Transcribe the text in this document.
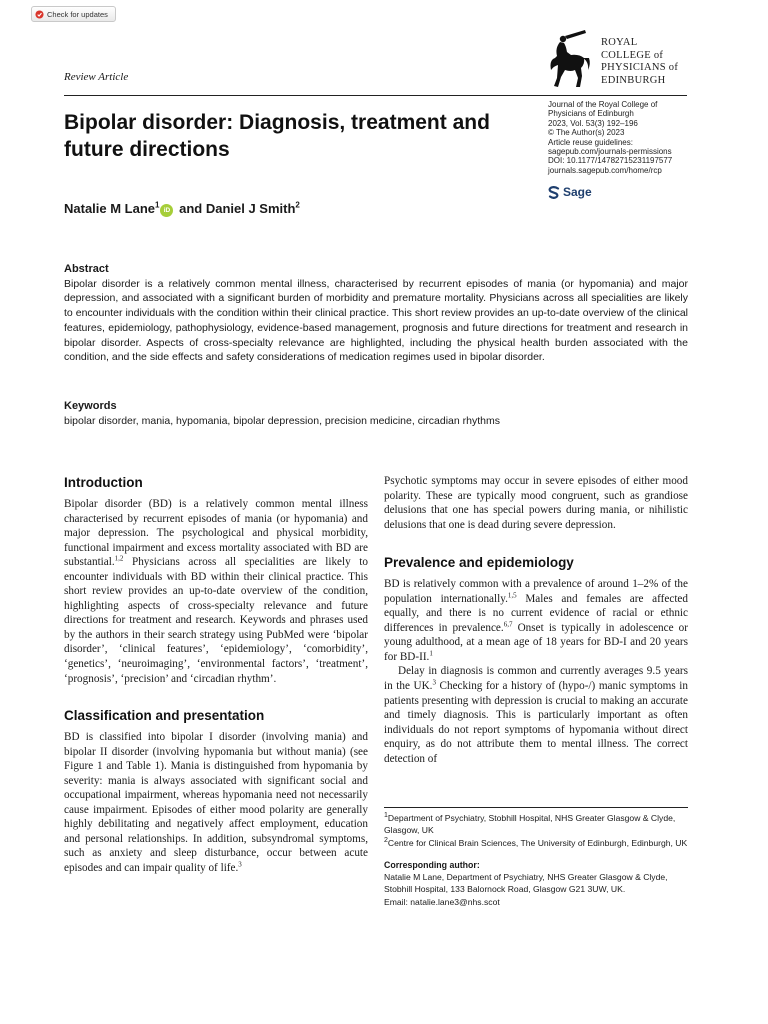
Check for updates
Review Article
Bipolar disorder: Diagnosis, treatment and future directions
Natalie M Lane$^1$iD and Daniel J Smith$^2$
ROYAL
COLLEGE of
PHYSICIANS of
EDINBURGH
Journal of the Royal College of
Physicians of Edinburgh
2023, Vol. 53(3) 192–196
© The Author(s) 2023
Article reuse guidelines:
sagepub.com/journals-permissions
DOI: 10.1177/14782715231197577
journals.sagepub.com/home/rcp
Sage
Abstract
Bipolar disorder is a relatively common mental illness, characterised by recurrent episodes of mania (or hypomania) and major depression, and associated with a significant burden of morbidity and premature mortality. Physicians across all specialities are likely to encounter individuals with the condition within their clinical practice. This short review provides an up-to-date overview of the clinical features, epidemiology, pathophysiology, evidence-based management, prognosis and future directions for treatment and research in bipolar disorder. Aspects of cross-specialty relevance are highlighted, including the physical health burden associated with the condition, and the side effects and safety considerations of medication regimes used in bipolar disorder.
Keywords
bipolar disorder, mania, hypomania, bipolar depression, precision medicine, circadian rhythms
Introduction

Bipolar disorder (BD) is a relatively common mental illness characterised by recurrent episodes of mania (or hypomania) and major depression. The psychological and physical morbidity, functional impairment and excess mortality associated with BD are substantial.$^{1,2}$ Physicians across all specialities are likely to encounter individuals with BD within their clinical practice. This short review provides an up-to-date overview of the condition, highlighting aspects of cross-specialty relevance and future directions for treatment and research. Keywords and phrases used by the authors in their search strategy using PubMed were ‘bipolar disorder’, ‘clinical features’, ‘epidemiology’, ‘comorbidity’, ‘genetics’, ‘neuroimaging’, ‘environmental factors’, ‘treatment’, ‘prognosis’, ‘precision’ and ‘circadian rhythm’.

Classification and presentation

BD is classified into bipolar I disorder (involving mania) and bipolar II disorder (involving hypomania but without mania) (see Figure 1 and Table 1). Mania is distinguished from hypomania by severity: mania is always associated with significant social and occupational impairment, whereas hypomania need not necessarily cause impairment. Episodes of either mood polarity are generally highly debilitating and negatively affect employment, education and personal relationships. In addition, subsyndromal symptoms, such as anxiety and sleep disturbance, occur between acute episodes and can impair quality of life.$^3$

Psychotic symptoms may occur in severe episodes of either mood polarity. These are typically mood congruent, such as grandiose delusions that one has special powers during mania, or nihilistic delusions that one is dead during severe depression.

Prevalence and epidemiology

BD is relatively common with a prevalence of around 1–2% of the population internationally.$^{1,5}$ Males and females are affected equally, and there is no current evidence of racial or ethnic differences in prevalence.$^{6,7}$ Onset is typically in adolescence or young adulthood, at a mean age of 18 years for BD-I and 20 years for BD-II.$^1$

Delay in diagnosis is common and currently averages 9.5 years in the UK.$^3$ Checking for a history of (hypo-/) manic symptoms in patients presenting with depression is crucial to making an accurate and timely diagnosis. This is particularly important as often individuals do not report symptoms of hypomania without direct enquiry, as do not attribute them to mental illness. The correct detection of

$^1$Department of Psychiatry, Stobhill Hospital, NHS Greater Glasgow & Clyde, Glasgow, UK

$^2$Centre for Clinical Brain Sciences, The University of Edinburgh, Edinburgh, UK

Corresponding author:

Natalie M Lane, Department of Psychiatry, NHS Greater Glasgow & Clyde, Stobhill Hospital, 133 Balornock Road, Glasgow G21 3UW, UK.

Email: natalie.lane3@nhs.scot
